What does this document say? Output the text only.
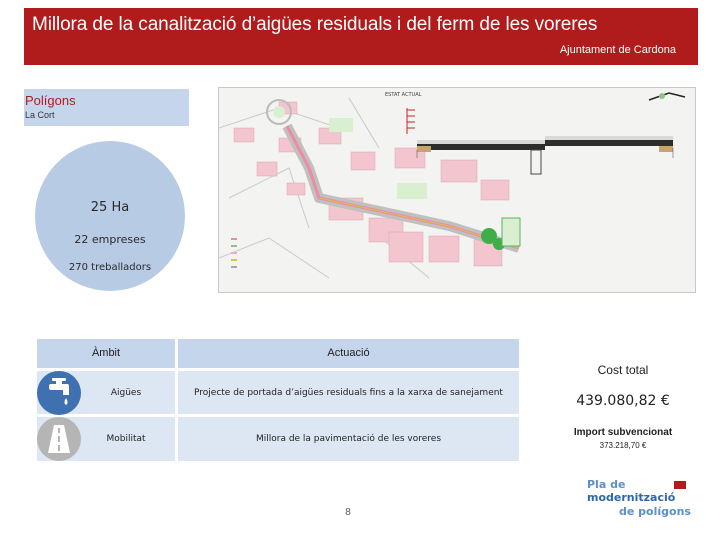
Millora de la canalització d’aigües residuals i del ferm de les voreres
Ajuntament de Cardona
Polígons
La Cort
25 Ha
22 empreses
270 treballadors
ESTAT ACTUAL
Àmbit	Actuació
Aigües	Projecte de portada d’aigües residuals fins a la xarxa de sanejament
Mobilitat	Millora de la pavimentació de les voreres
Cost total
439.080,82 €
Import subvencionat
373.218,70 €
8
Pla de
modernització
de polígons
